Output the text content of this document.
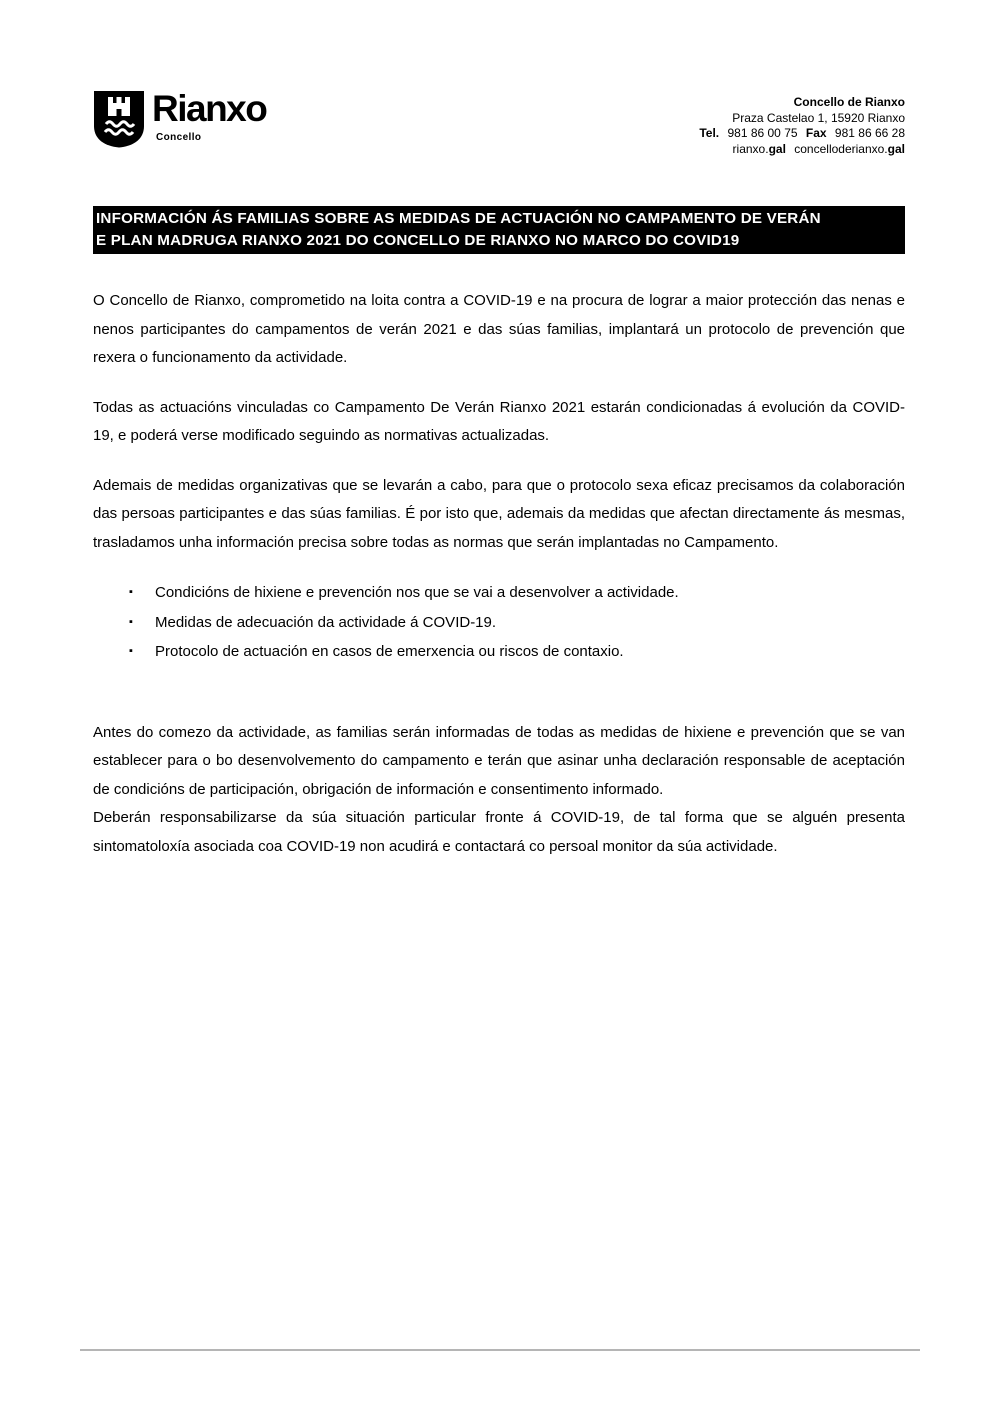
Rianxo
Concello
Concello de Rianxo
Praza Castelao 1, 15920 Rianxo
Tel. 981 86 00 75 Fax 981 86 66 28
rianxo.gal concelloderianxo.gal
INFORMACIÓN ÁS FAMILIAS SOBRE AS MEDIDAS DE ACTUACIÓN NO CAMPAMENTO DE VERÁN
E PLAN MADRUGA RIANXO 2021 DO CONCELLO DE RIANXO NO MARCO DO COVID19

O Concello de Rianxo, comprometido na loita contra a COVID-19 e na procura de lograr a maior protección das nenas e nenos participantes do campamentos de verán 2021 e das súas familias, implantará un protocolo de prevención que rexera o funcionamento da actividade.

Todas as actuacións vinculadas co Campamento De Verán Rianxo 2021 estarán condicionadas á evolución da COVID-19, e poderá verse modificado seguindo as normativas actualizadas.

Ademais de medidas organizativas que se levarán a cabo, para que o protocolo sexa eficaz precisamos da colaboración das persoas participantes e das súas familias. É por isto que, ademais da medidas que afectan directamente ás mesmas, trasladamos unha información precisa sobre todas as normas que serán implantadas no Campamento.

▪	Condicións de hixiene e prevención nos que se vai a desenvolver a actividade.
▪	Medidas de adecuación da actividade á COVID-19.
▪	Protocolo de actuación en casos de emerxencia ou riscos de contaxio.

Antes do comezo da actividade, as familias serán informadas de todas as medidas de hixiene e prevención que se van establecer para o bo desenvolvemento do campamento e terán que asinar unha declaración responsable de aceptación de condicións de participación, obrigación de información e consentimento informado.

Deberán responsabilizarse da súa situación particular fronte á COVID-19, de tal forma que se alguén presenta sintomatoloxía asociada coa COVID-19 non acudirá e contactará co persoal monitor da súa actividade.
